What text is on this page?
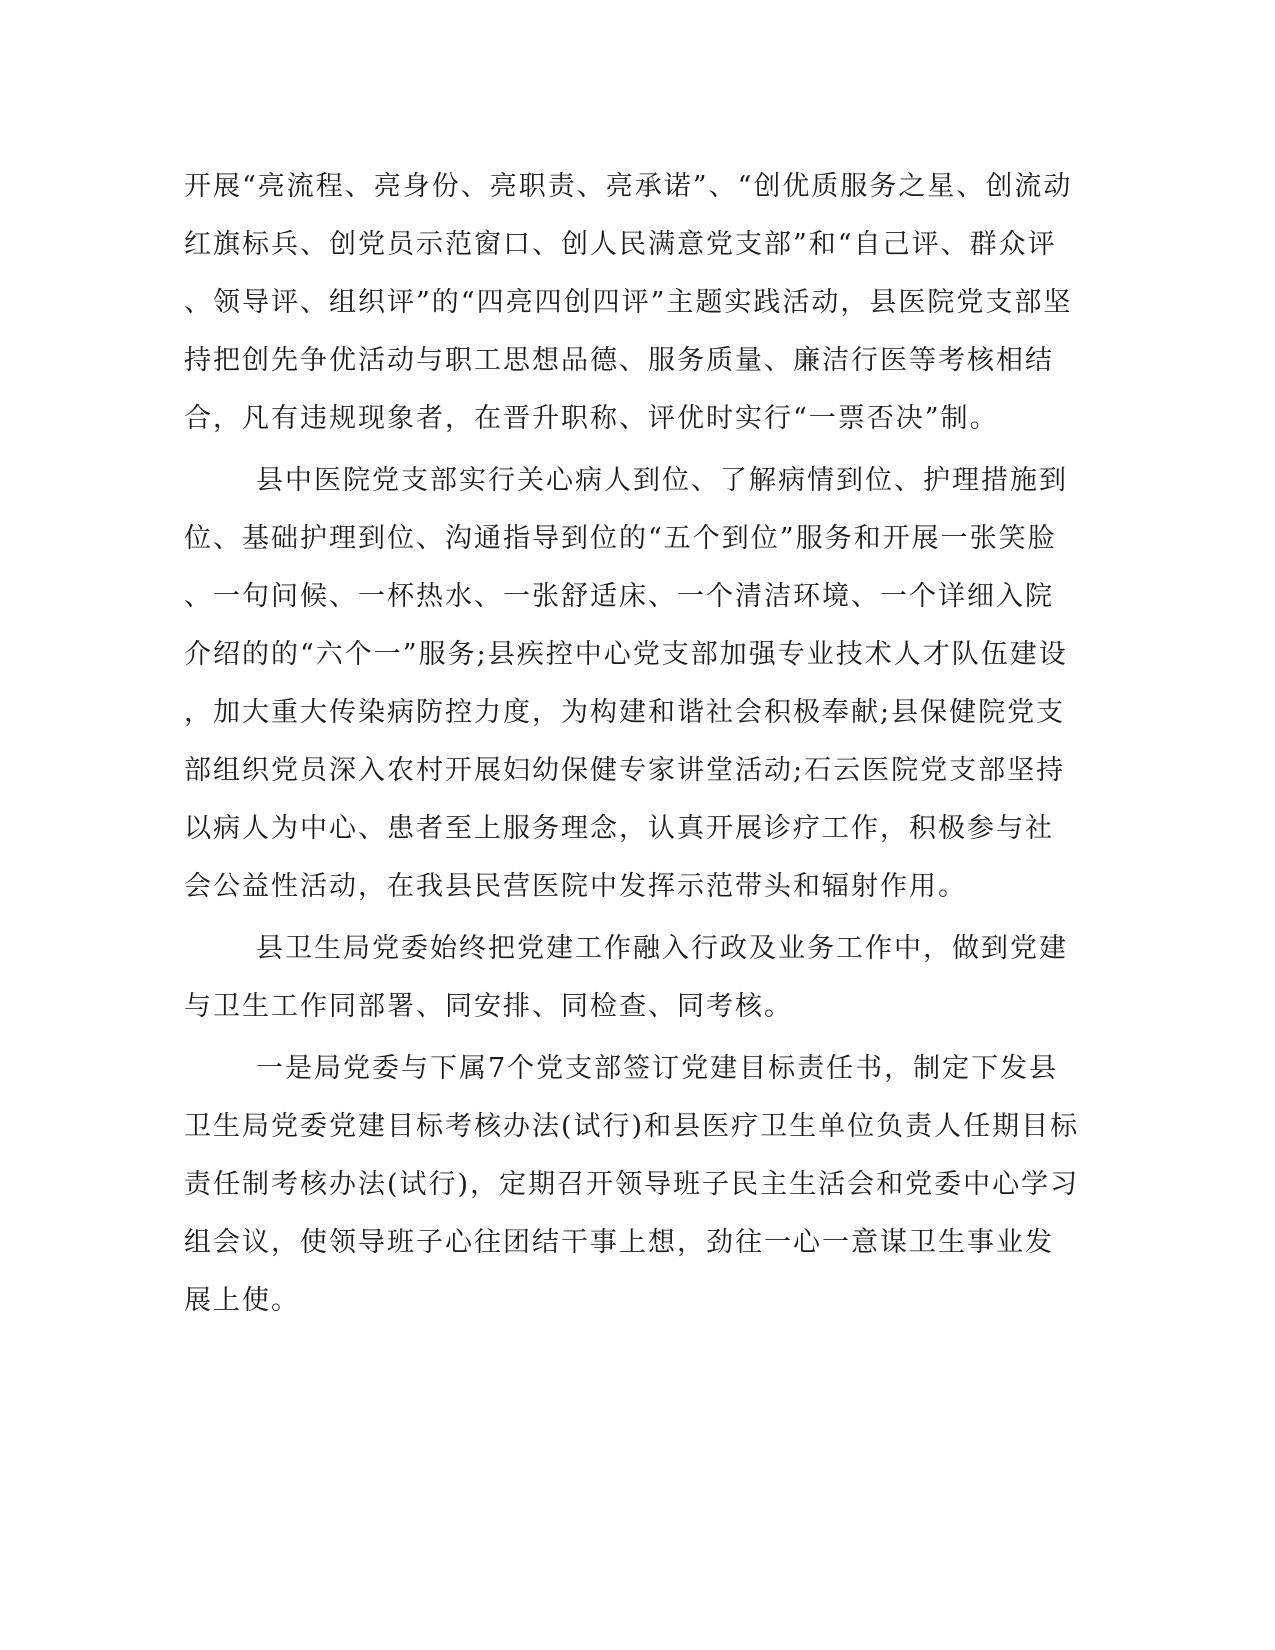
开展“亮流程、亮身份、亮职责、亮承诺”、“创优质服务之星、创流动
红旗标兵、创党员示范窗口、创人民满意党支部”和“自己评、群众评
、领导评、组织评”的“四亮四创四评”主题实践活动，县医院党支部坚
持把创先争优活动与职工思想品德、服务质量、廉洁行医等考核相结
合，凡有违规现象者，在晋升职称、评优时实行“一票否决”制。
县中医院党支部实行关心病人到位、了解病情到位、护理措施到
位、基础护理到位、沟通指导到位的“五个到位”服务和开展一张笑脸
、一句问候、一杯热水、一张舒适床、一个清洁环境、一个详细入院
介绍的的“六个一”服务;县疾控中心党支部加强专业技术人才队伍建设
，加大重大传染病防控力度，为构建和谐社会积极奉献;县保健院党支
部组织党员深入农村开展妇幼保健专家讲堂活动;石云医院党支部坚持
以病人为中心、患者至上服务理念，认真开展诊疗工作，积极参与社
会公益性活动，在我县民营医院中发挥示范带头和辐射作用。
县卫生局党委始终把党建工作融入行政及业务工作中，做到党建
与卫生工作同部署、同安排、同检查、同考核。
一是局党委与下属7个党支部签订党建目标责任书，制定下发县
卫生局党委党建目标考核办法(试行)和县医疗卫生单位负责人任期目标
责任制考核办法(试行)，定期召开领导班子民主生活会和党委中心学习
组会议，使领导班子心往团结干事上想，劲往一心一意谋卫生事业发
展上使。
